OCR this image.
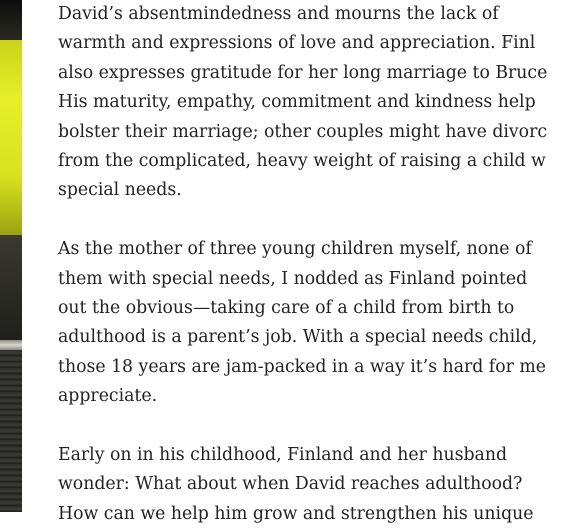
David’s absentmindedness and mourns the lack of
warmth and expressions of love and appreciation. Finl
also expresses gratitude for her long marriage to Bruce
His maturity, empathy, commitment and kindness help
bolster their marriage; other couples might have divorc
from the complicated, heavy weight of raising a child w
special needs.

As the mother of three young children myself, none of
them with special needs, I nodded as Finland pointed
out the obvious—taking care of a child from birth to
adulthood is a parent’s job. With a special needs child,
those 18 years are jam-packed in a way it’s hard for me
appreciate.

Early on in his childhood, Finland and her husband
wonder: What about when David reaches adulthood?
How can we help him grow and strengthen his unique
